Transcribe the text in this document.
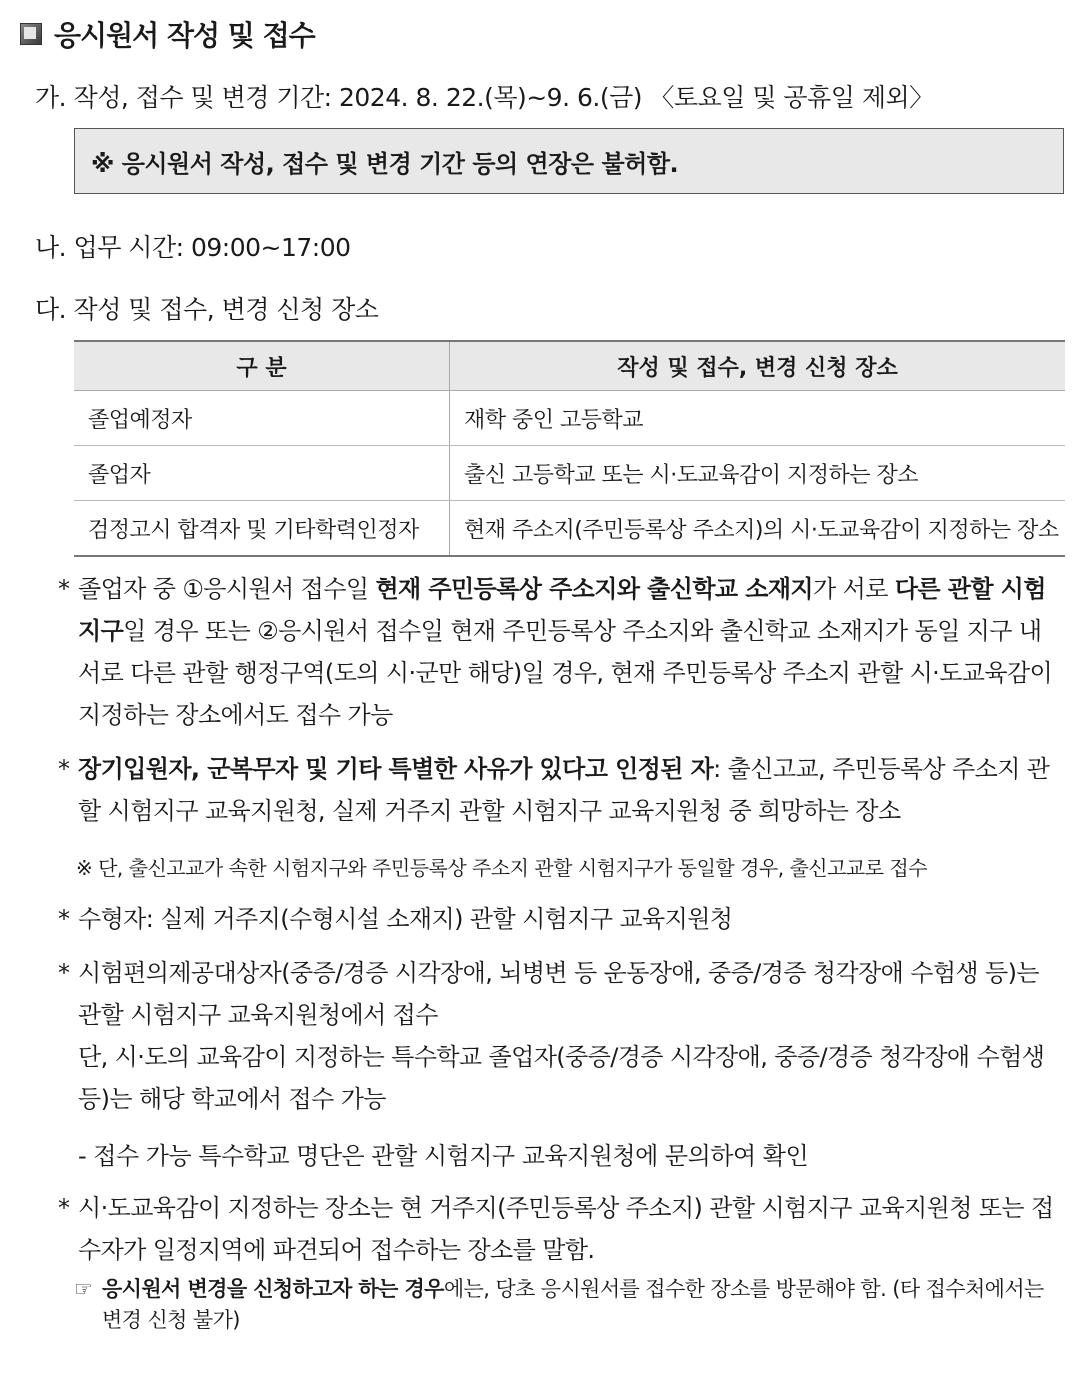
응시원서 작성 및 접수
가. 작성, 접수 및 변경 기간: 2024. 8. 22.(목)~9. 6.(금) 〈토요일 및 공휴일 제외〉
※ 응시원서 작성, 접수 및 변경 기간 등의 연장은 불허함.
나. 업무 시간: 09:00~17:00
다. 작성 및 접수, 변경 신청 장소
구 분	작성 및 접수, 변경 신청 장소
졸업예정자	재학 중인 고등학교
졸업자	출신 고등학교 또는 시·도교육감이 지정하는 장소
검정고시 합격자 및 기타학력인정자	현재 주소지(주민등록상 주소지)의 시·도교육감이 지정하는 장소
* 졸업자 중 ①응시원서 접수일 현재 주민등록상 주소지와 출신학교 소재지가 서로 다른 관할 시험지구일 경우 또는 ②응시원서 접수일 현재 주민등록상 주소지와 출신학교 소재지가 동일 지구 내 서로 다른 관할 행정구역(도의 시·군만 해당)일 경우, 현재 주민등록상 주소지 관할 시·도교육감이 지정하는 장소에서도 접수 가능
* 장기입원자, 군복무자 및 기타 특별한 사유가 있다고 인정된 자: 출신고교, 주민등록상 주소지 관할 시험지구 교육지원청, 실제 거주지 관할 시험지구 교육지원청 중 희망하는 장소
※ 단, 출신고교가 속한 시험지구와 주민등록상 주소지 관할 시험지구가 동일할 경우, 출신고교로 접수
* 수형자: 실제 거주지(수형시설 소재지) 관할 시험지구 교육지원청
* 시험편의제공대상자(중증/경증 시각장애, 뇌병변 등 운동장애, 중증/경증 청각장애 수험생 등)는 관할 시험지구 교육지원청에서 접수
단, 시·도의 교육감이 지정하는 특수학교 졸업자(중증/경증 시각장애, 중증/경증 청각장애 수험생 등)는 해당 학교에서 접수 가능
- 접수 가능 특수학교 명단은 관할 시험지구 교육지원청에 문의하여 확인
* 시·도교육감이 지정하는 장소는 현 거주지(주민등록상 주소지) 관할 시험지구 교육지원청 또는 접수자가 일정지역에 파견되어 접수하는 장소를 말함.
☞ 응시원서 변경을 신청하고자 하는 경우에는, 당초 응시원서를 접수한 장소를 방문해야 함. (타 접수처에서는 변경 신청 불가)
